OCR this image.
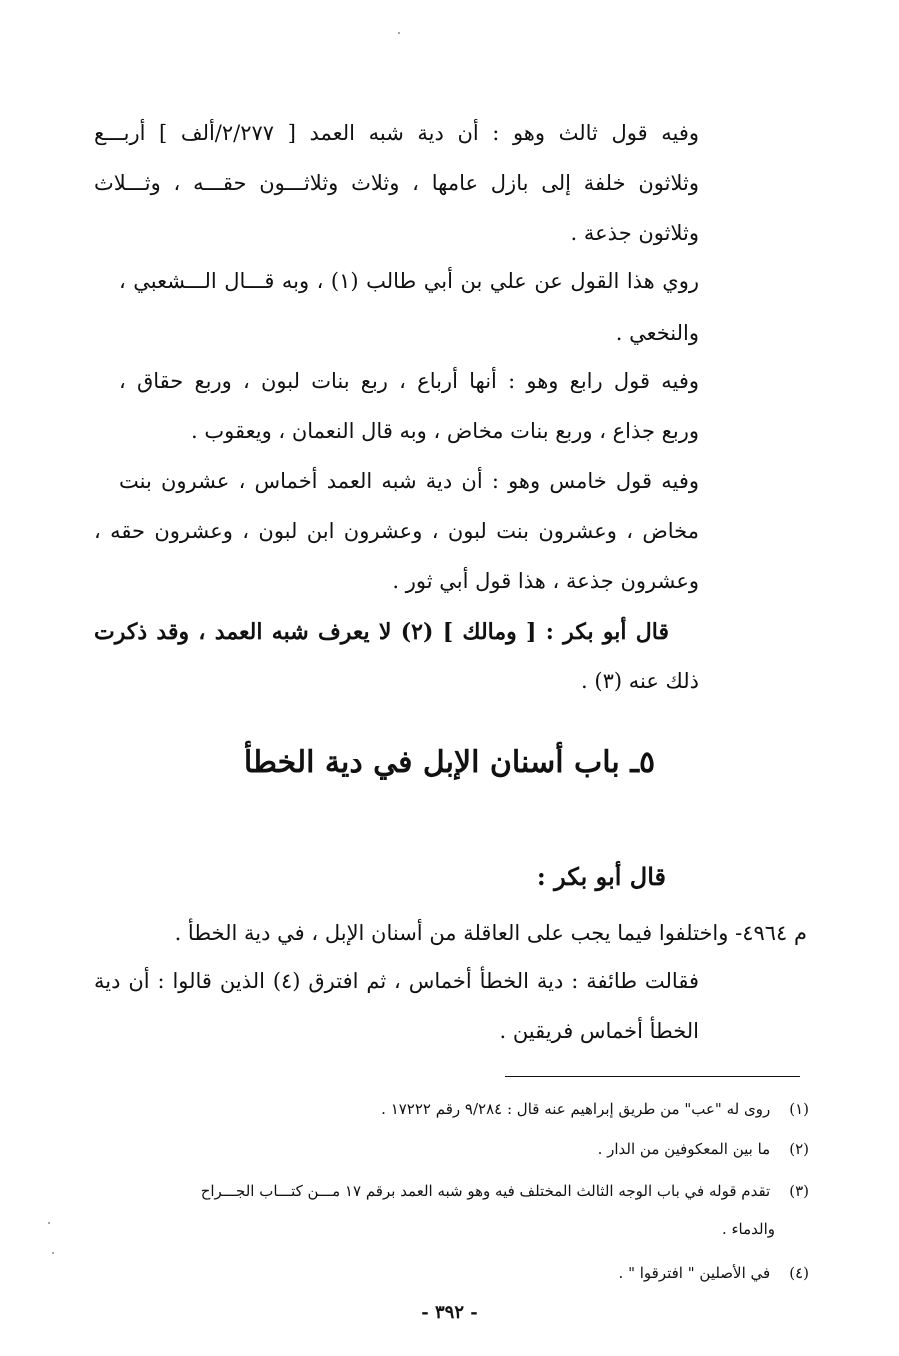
وفيه قول ثالث وهو : أن دية شبه العمد [ ٢/٢٧٧/ألف ] أربـــع
وثلاثون خلفة إلى بازل عامها ، وثلاث وثلاثـــون حقـــه ، وثـــلاث
وثلاثون جذعة .
روي هذا القول عن علي بن أبي طالب (١) ، وبه قـــال الـــشعبي ،
والنخعي .
وفيه قول رابع وهو : أنها أرباع ، ربع بنات لبون ، وربع حقاق ،
وربع جذاع ، وربع بنات مخاض ، وبه قال النعمان ، ويعقوب .
وفيه قول خامس وهو : أن دية شبه العمد أخماس ، عشرون بنت
مخاض ، وعشرون بنت لبون ، وعشرون ابن لبون ، وعشرون حقه ،
وعشرون جذعة ، هذا قول أبي ثور .
قال أبو بكر : [ ومالك ] (٢) لا يعرف شبه العمد ، وقد ذكرت
ذلك عنه (٣) .
٥ـ باب أسنان الإبل في دية الخطأ
قال أبو بكر :
م ٤٩٦٤- واختلفوا فيما يجب على العاقلة من أسنان الإبل ، في دية الخطأ .
فقالت طائفة : دية الخطأ أخماس ، ثم افترق (٤) الذين قالوا : أن دية
الخطأ أخماس فريقين .
(١) روى له "عب" من طريق إبراهيم عنه قال : ٩/٢٨٤ رقم ١٧٢٢٢ .
(٢) ما بين المعكوفين من الدار .
(٣) تقدم قوله في باب الوجه الثالث المختلف فيه وهو شبه العمد برقم ١٧ مـــن كتـــاب الجـــراح
والدماء .
(٤) في الأصلين " افترقوا " .
- ٣٩٢ -
